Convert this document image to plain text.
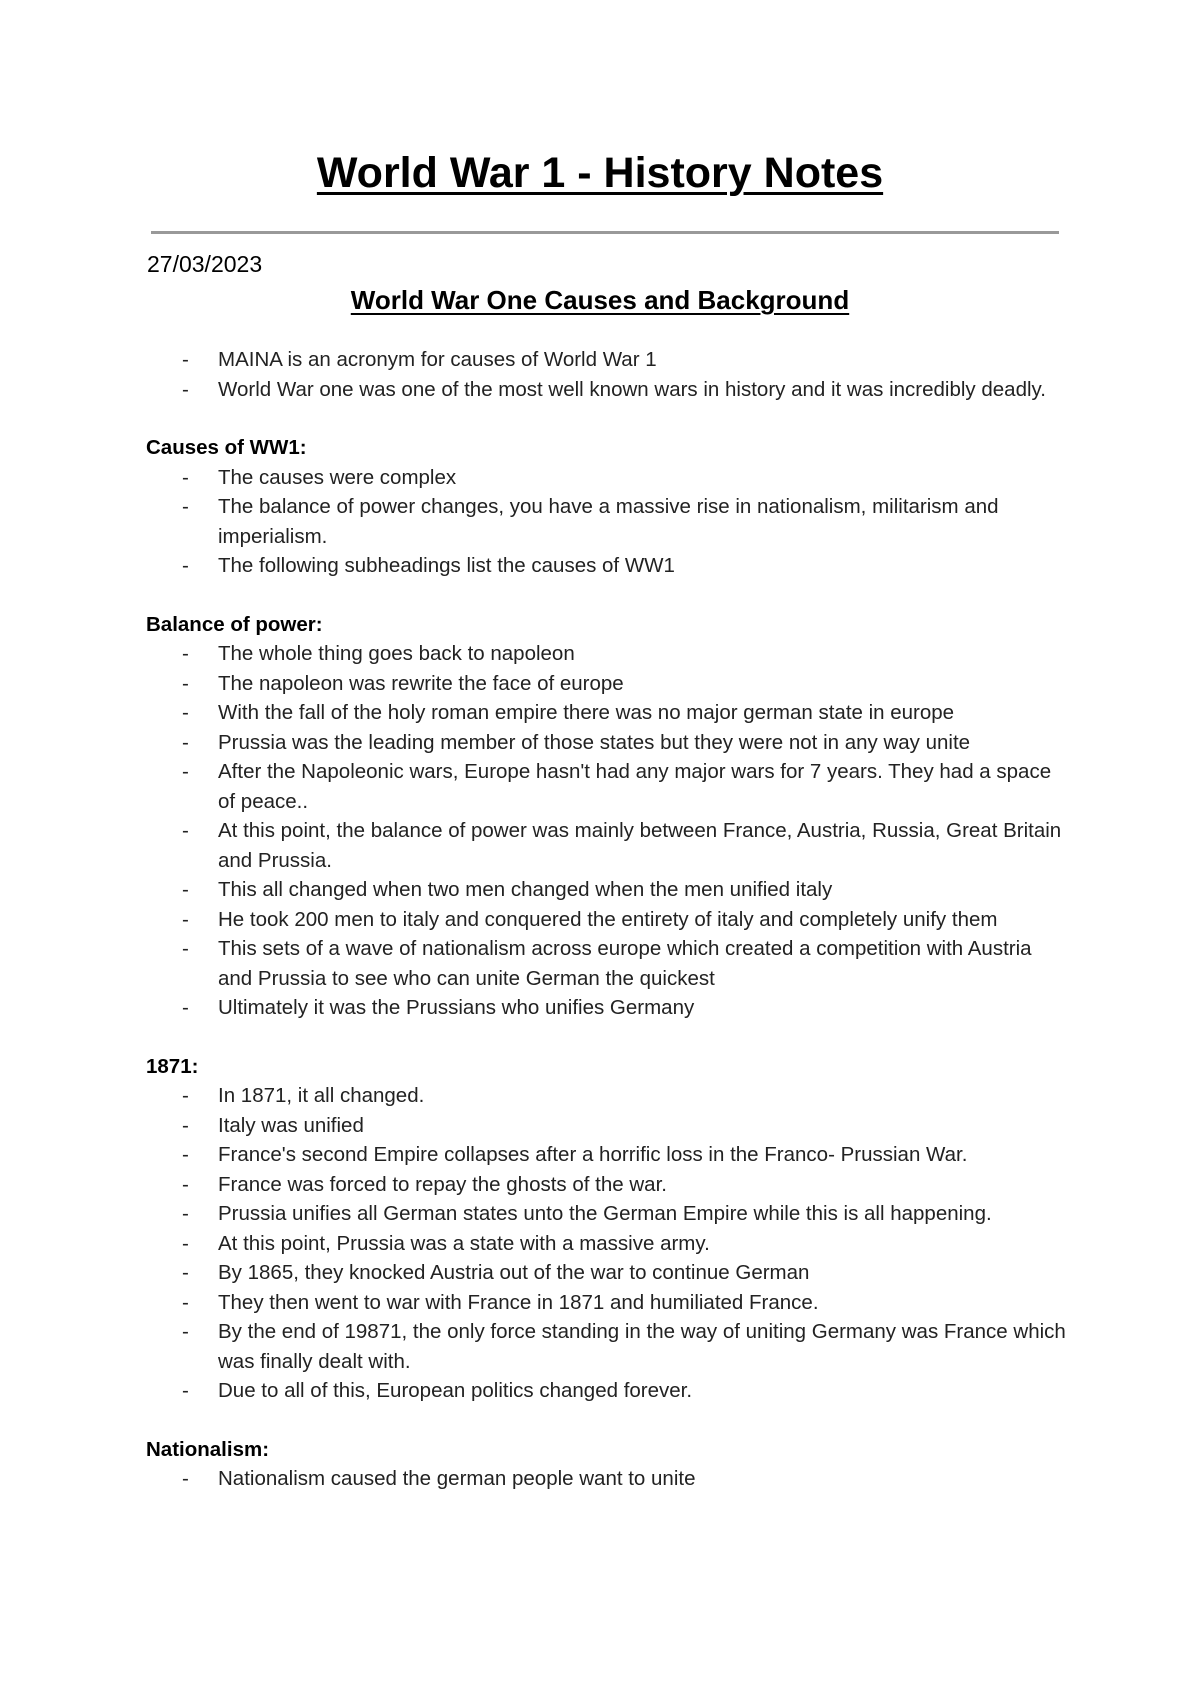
World War 1 - History Notes
27/03/2023
World War One Causes and Background
- MAINA is an acronym for causes of World War 1
- World War one was one of the most well known wars in history and it was incredibly deadly.

Causes of WW1:

- The causes were complex
- The balance of power changes, you have a massive rise in nationalism, militarism and imperialism.
- The following subheadings list the causes of WW1

Balance of power:

- The whole thing goes back to napoleon
- The napoleon was rewrite the face of europe
- With the fall of the holy roman empire there was no major german state in europe
- Prussia was the leading member of those states but they were not in any way unite
- After the Napoleonic wars, Europe hasn't had any major wars for 7 years. They had a space of peace..
- At this point, the balance of power was mainly between France, Austria, Russia, Great Britain and Prussia.
- This all changed when two men changed when the men unified italy
- He took 200 men to italy and conquered the entirety of italy and completely unify them
- This sets of a wave of nationalism across europe which created a competition with Austria and Prussia to see who can unite German the quickest
- Ultimately it was the Prussians who unifies Germany

1871:

- In 1871, it all changed.
- Italy was unified
- France's second Empire collapses after a horrific loss in the Franco- Prussian War.
- France was forced to repay the ghosts of the war.
- Prussia unifies all German states unto the German Empire while this is all happening.
- At this point, Prussia was a state with a massive army.
- By 1865, they knocked Austria out of the war to continue German
- They then went to war with France in 1871 and humiliated France.
- By the end of 19871, the only force standing in the way of uniting Germany was France which was finally dealt with.
- Due to all of this, European politics changed forever.

Nationalism:

- Nationalism caused the german people want to unite
